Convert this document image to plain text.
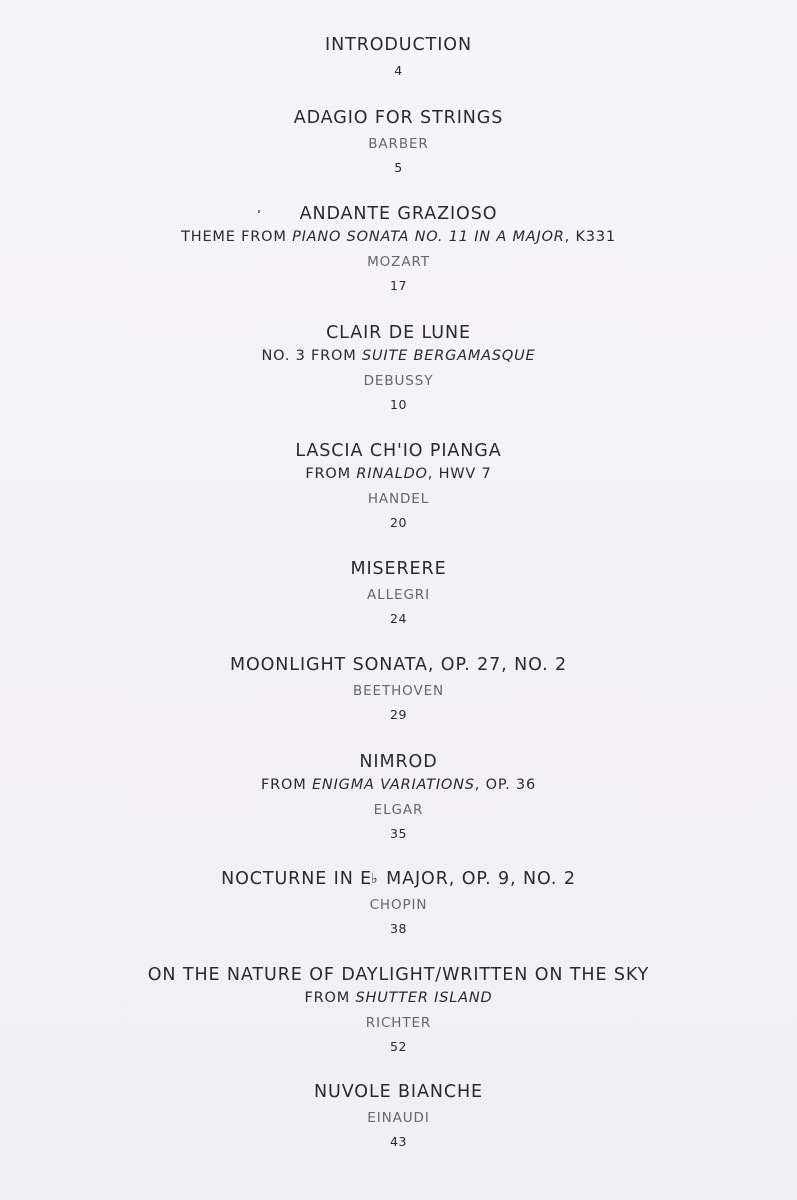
INTRODUCTION
4
ADAGIO FOR STRINGS
BARBER
5
ANDANTE GRAZIOSO
THEME FROM PIANO SONATA NO. 11 IN A MAJOR, K331
MOZART
17
CLAIR DE LUNE
NO. 3 FROM SUITE BERGAMASQUE
DEBUSSY
10
LASCIA CH'IO PIANGA
FROM RINALDO, HWV 7
HANDEL
20
MISERERE
ALLEGRI
24
MOONLIGHT SONATA, OP. 27, NO. 2
BEETHOVEN
29
NIMROD
FROM ENIGMA VARIATIONS, OP. 36
ELGAR
35
NOCTURNE IN E♭ MAJOR, OP. 9, NO. 2
CHOPIN
38
ON THE NATURE OF DAYLIGHT/WRITTEN ON THE SKY
FROM SHUTTER ISLAND
RICHTER
52
NUVOLE BIANCHE
EINAUDI
43
